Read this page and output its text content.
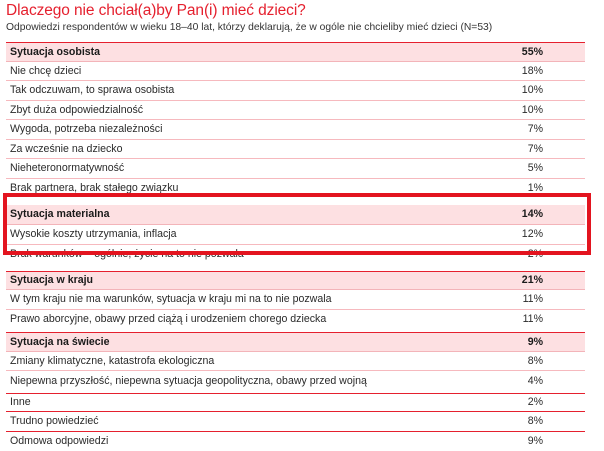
Dlaczego nie chciał(a)by Pan(i) mieć dzieci?
Odpowiedzi respondentów w wieku 18–40 lat, którzy deklarują, że w ogóle nie chcieliby mieć dzieci (N=53)
Sytuacja osobista	55%
Nie chcę dzieci	18%
Tak odczuwam, to sprawa osobista	10%
Zbyt duża odpowiedzialność	10%
Wygoda, potrzeba niezależności	7%
Za wcześnie na dziecko	7%
Nieheteronormatywność	5%
Brak partnera, brak stałego związku	1%
Sytuacja materialna	14%
Wysokie koszty utrzymania, inflacja	12%
Brak warunków – ogólnie, życie na to nie pozwala	2%
Sytuacja w kraju	21%
W tym kraju nie ma warunków, sytuacja w kraju mi na to nie pozwala	11%
Prawo aborcyjne, obawy przed ciążą i urodzeniem chorego dziecka	11%
Sytuacja na świecie	9%
Zmiany klimatyczne, katastrofa ekologiczna	8%
Niepewna przyszłość, niepewna sytuacja geopolityczna, obawy przed wojną	4%
Inne	2%
Trudno powiedzieć	8%
Odmowa odpowiedzi	9%
